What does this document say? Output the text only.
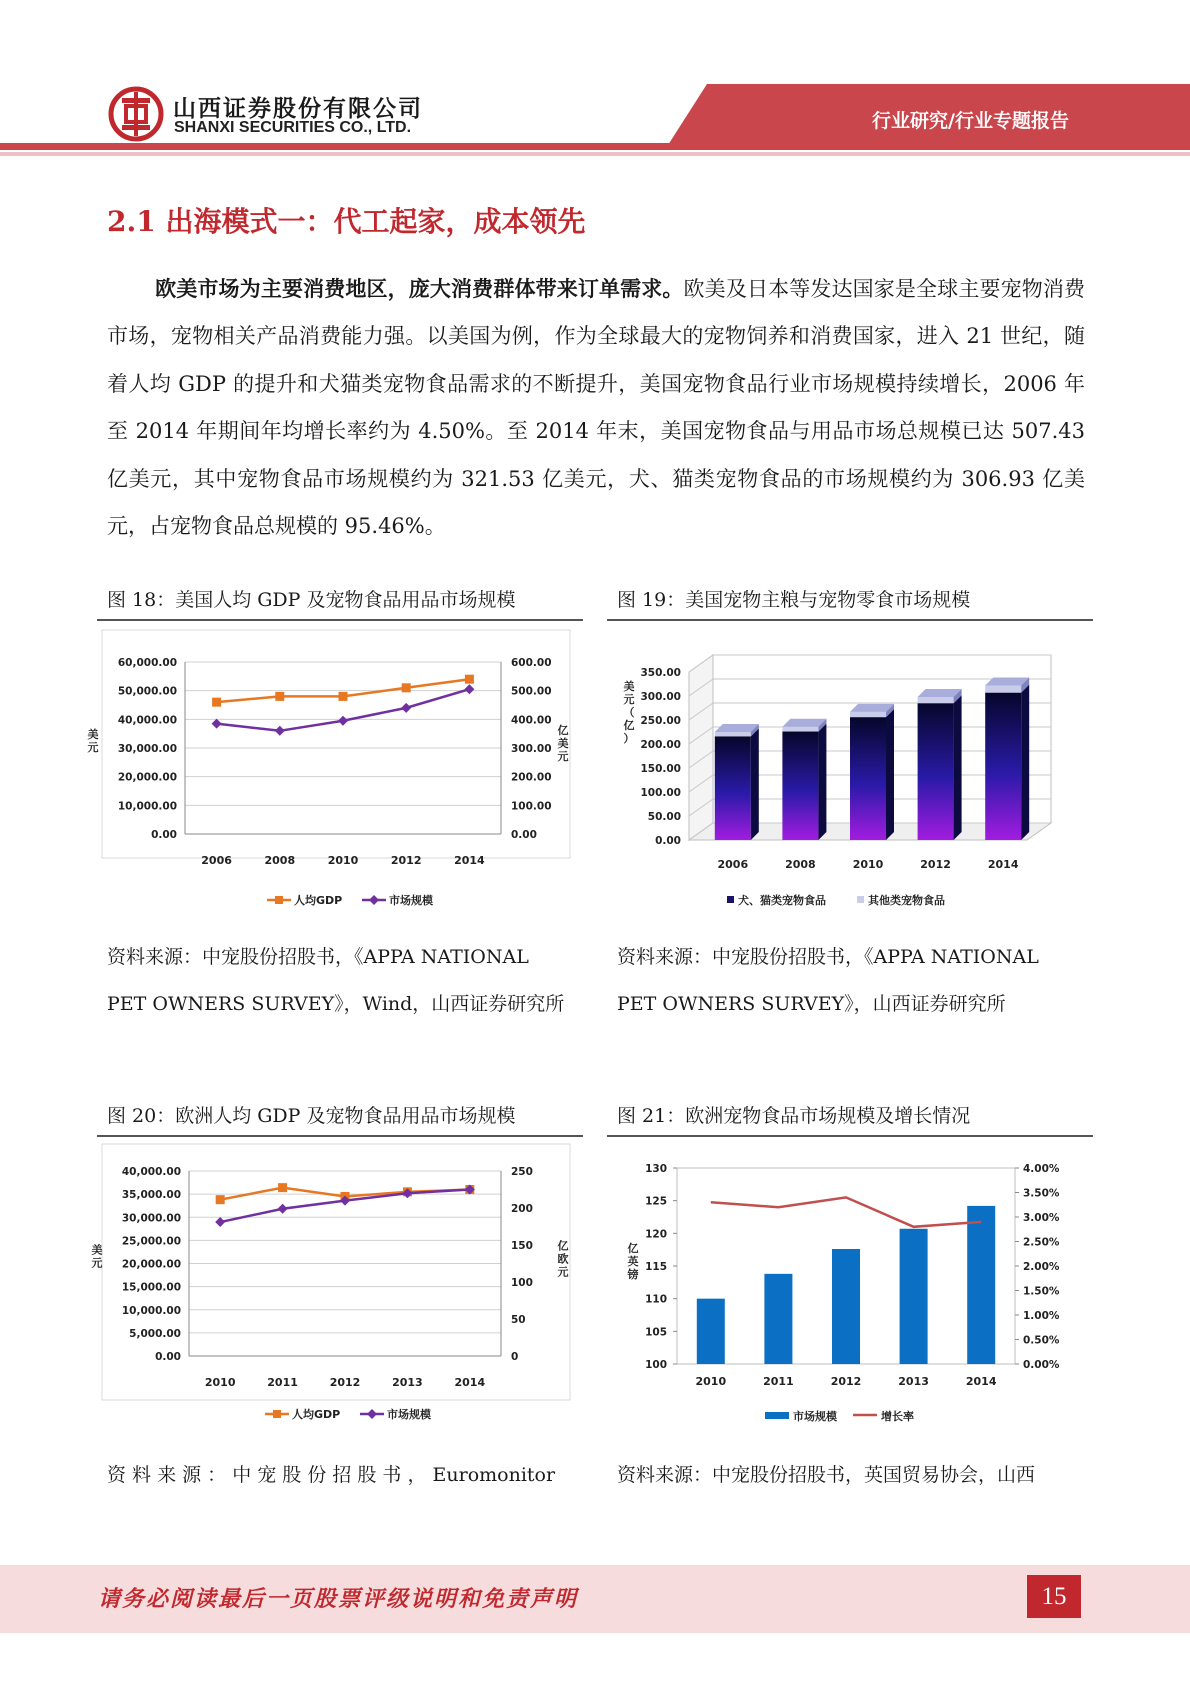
山西证券股份有限公司
SHANXI SECURITIES CO., LTD.	行业研究/行业专题报告
2.1 出海模式一：代工起家，成本领先
欧美市场为主要消费地区，庞大消费群体带来订单需求。欧美及日本等发达国家是全球主要宠物消费市场，宠物相关产品消费能力强。以美国为例，作为全球最大的宠物饲养和消费国家，进入 21 世纪，随着人均 GDP 的提升和犬猫类宠物食品需求的不断提升，美国宠物食品行业市场规模持续增长，2006 年至 2014 年期间年均增长率约为 4.50%。至 2014 年末，美国宠物食品与用品市场总规模已达 507.43 亿美元，其中宠物食品市场规模约为 321.53 亿美元，犬、猫类宠物食品的市场规模约为 306.93 亿美元，占宠物食品总规模的 95.46%。
图 18：美国人均 GDP 及宠物食品用品市场规模
0.00
10,000.00
20,000.00
30,000.00
40,000.00
50,000.00
60,000.00
0.00
100.00
200.00
300.00
400.00
500.00
600.00
2006	2008	2010	2012	2014
美元
亿美元
人均GDP	市场规模
资料来源：中宠股份招股书，《APPA NATIONAL
PET OWNERS SURVEY》，Wind，山西证券研究所
图 19：美国宠物主粮与宠物零食市场规模
0.00
50.00
100.00
150.00
200.00
250.00
300.00
350.00
2006	2008	2010	2012	2014
美元（亿）
犬、猫类宠物食品	其他类宠物食品
资料来源：中宠股份招股书，《APPA NATIONAL
PET OWNERS SURVEY》，山西证券研究所
图 20：欧洲人均 GDP 及宠物食品用品市场规模
0.00
5,000.00
10,000.00
15,000.00
20,000.00
25,000.00
30,000.00
35,000.00
40,000.00
0
50
100
150
200
250
2010	2011	2012	2013	2014
美元
亿欧元
人均GDP	市场规模
资 料 来 源 ： 中 宠 股 份 招 股 书 ， Euromonitor
图 21：欧洲宠物食品市场规模及增长情况
100
105
110
115
120
125
130
0.00%
0.50%
1.00%
1.50%
2.00%
2.50%
3.00%
3.50%
4.00%
2010	2011	2012	2013	2014
亿英镑
市场规模	增长率
资料来源：中宠股份招股书，英国贸易协会，山西
请务必阅读最后一页股票评级说明和免责声明	15
